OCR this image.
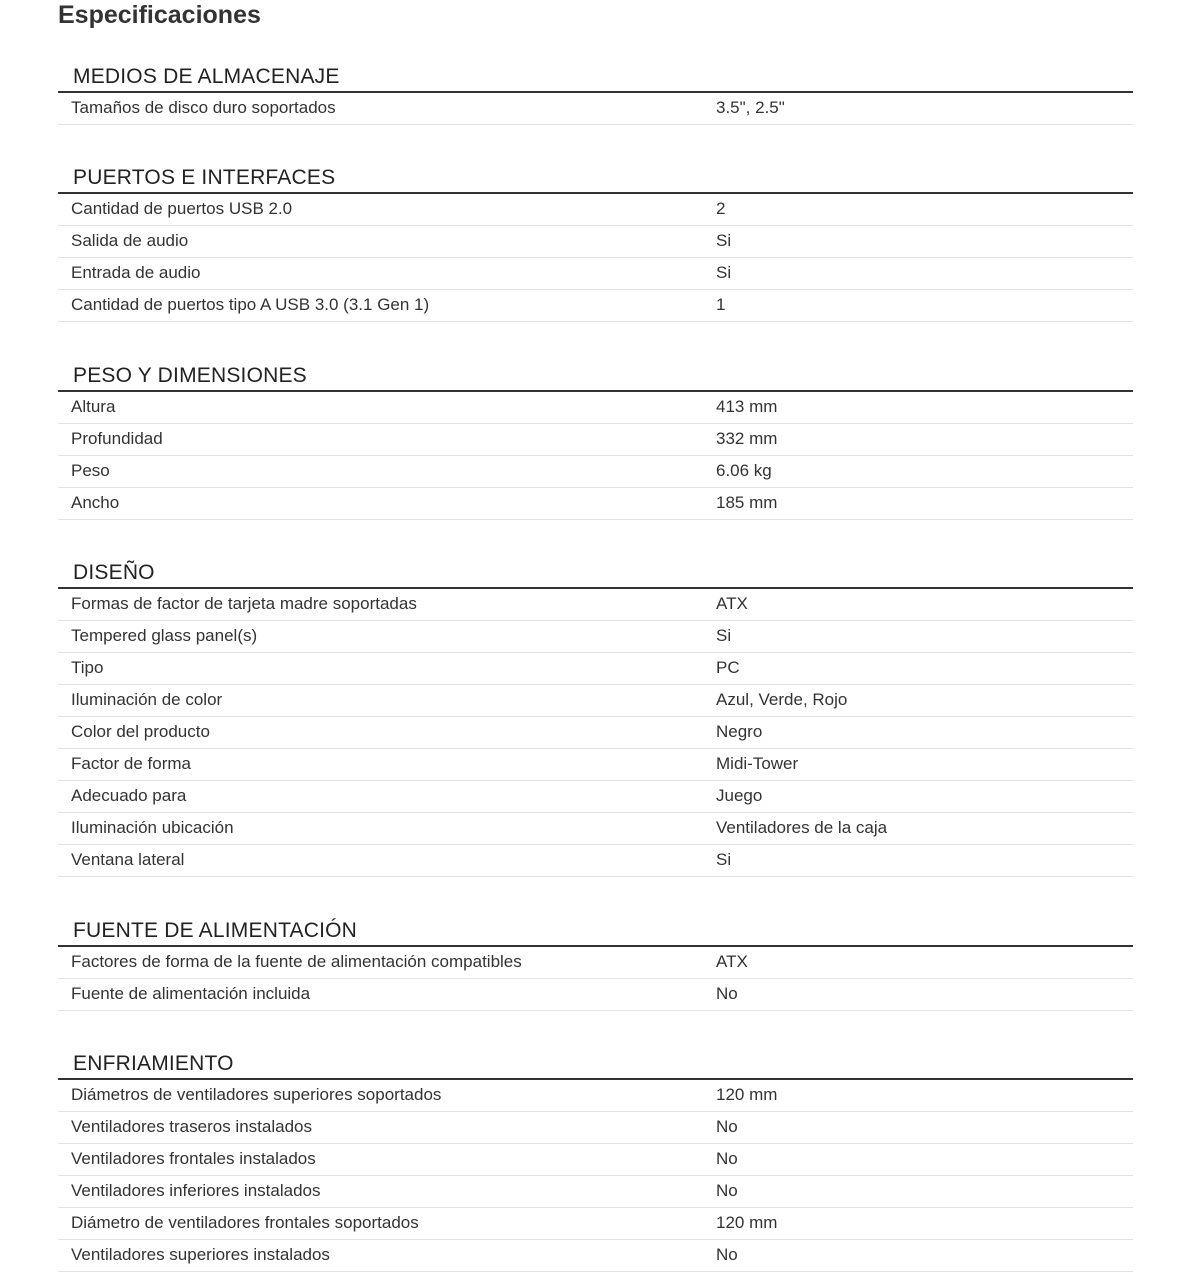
Especificaciones
MEDIOS DE ALMACENAJE
Tamaños de disco duro soportados	3.5", 2.5"
PUERTOS E INTERFACES
Cantidad de puertos USB 2.0	2
Salida de audio	Si
Entrada de audio	Si
Cantidad de puertos tipo A USB 3.0 (3.1 Gen 1)	1
PESO Y DIMENSIONES
Altura	413 mm
Profundidad	332 mm
Peso	6.06 kg
Ancho	185 mm
DISEÑO
Formas de factor de tarjeta madre soportadas	ATX
Tempered glass panel(s)	Si
Tipo	PC
Iluminación de color	Azul, Verde, Rojo
Color del producto	Negro
Factor de forma	Midi-Tower
Adecuado para	Juego
Iluminación ubicación	Ventiladores de la caja
Ventana lateral	Si
FUENTE DE ALIMENTACIÓN
Factores de forma de la fuente de alimentación compatibles	ATX
Fuente de alimentación incluida	No
ENFRIAMIENTO
Diámetros de ventiladores superiores soportados	120 mm
Ventiladores traseros instalados	No
Ventiladores frontales instalados	No
Ventiladores inferiores instalados	No
Diámetro de ventiladores frontales soportados	120 mm
Ventiladores superiores instalados	No
